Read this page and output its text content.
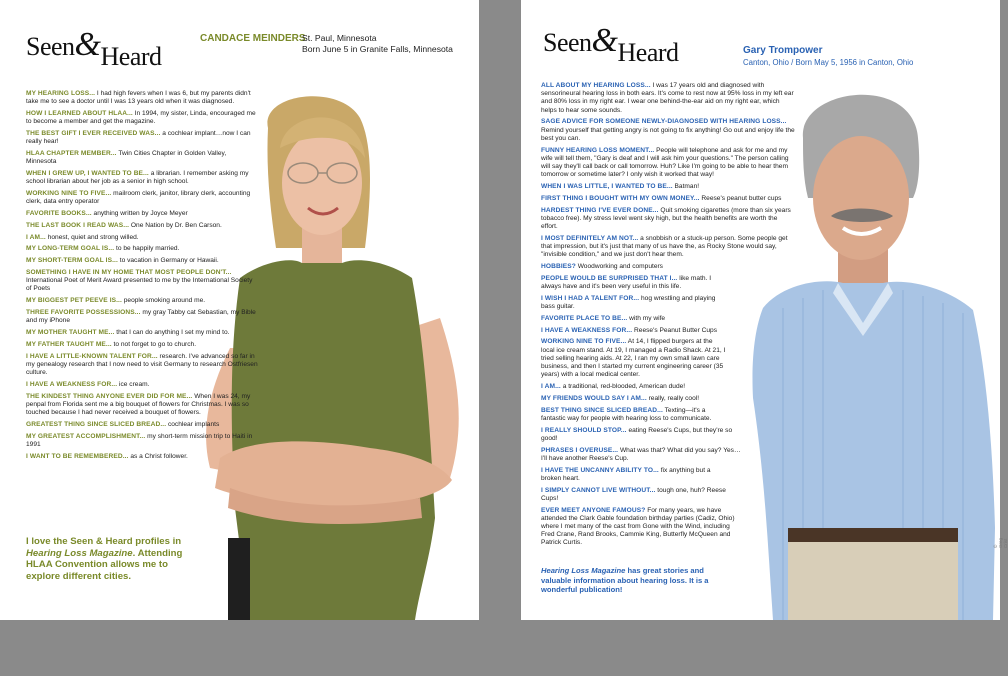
Seen&Heard
CANDACE MEINDERS
St. Paul, Minnesota
Born June 5 in Granite Falls, Minnesota
MY HEARING LOSS... I had high fevers when I was 6, but my parents didn't take me to see a doctor until I was 13 years old when it was diagnosed.
HOW I LEARNED ABOUT HLAA... In 1994, my sister, Linda, encouraged me to become a member and get the magazine.
THE BEST GIFT I EVER RECEIVED WAS... a cochlear implant…now I can really hear!
HLAA CHAPTER MEMBER... Twin Cities Chapter in Golden Valley, Minnesota
WHEN I GREW UP, I WANTED TO BE... a librarian. I remember asking my school librarian about her job as a senior in high school.
WORKING NINE TO FIVE... mailroom clerk, janitor, library clerk, accounting clerk, data entry operator
FAVORITE BOOKS... anything written by Joyce Meyer
THE LAST BOOK I READ WAS... One Nation by Dr. Ben Carson.
I AM... honest, quiet and strong willed.
MY LONG-TERM GOAL IS... to be happily married.
MY SHORT-TERM GOAL IS... to vacation in Germany or Hawaii.
SOMETHING I HAVE IN MY HOME THAT MOST PEOPLE DON'T... International Poet of Merit Award presented to me by the International Society of Poets
MY BIGGEST PET PEEVE IS... people smoking around me.
THREE FAVORITE POSSESSIONS... my gray Tabby cat Sebastian, my Bible and my iPhone
MY MOTHER TAUGHT ME... that I can do anything I set my mind to.
MY FATHER TAUGHT ME... to not forget to go to church.
I HAVE A LITTLE-KNOWN TALENT FOR... research. I've advanced so far in my genealogy research that I now need to visit Germany to research Ostfriesen culture.
I HAVE A WEAKNESS FOR... ice cream.
THE KINDEST THING ANYONE EVER DID FOR ME... When I was 24, my penpal from Florida sent me a big bouquet of flowers for Christmas. I was so touched because I had never received a bouquet of flowers.
GREATEST THING SINCE SLICED BREAD... cochlear implants
MY GREATEST ACCOMPLISHMENT... my short-term mission trip to Haiti in 1991
I WANT TO BE REMEMBERED... as a Christ follower.
I love the Seen & Heard profiles in Hearing Loss Magazine. Attending HLAA Convention allows me to explore different cities.
Seen&Heard	Gary Trompower
Canton, Ohio / Born May 5, 1956 in Canton, Ohio
© Greg Crist
ALL ABOUT MY HEARING LOSS... I was 17 years old and diagnosed with sensorineural hearing loss in both ears. It's come to rest now at 95% loss in my left ear and 80% loss in my right ear. I wear one behind-the-ear aid on my right ear, which helps to hear some sounds.
SAGE ADVICE FOR SOMEONE NEWLY-DIAGNOSED WITH HEARING LOSS... Remind yourself that getting angry is not going to fix anything! Go out and enjoy life the best you can.
FUNNY HEARING LOSS MOMENT... People will telephone and ask for me and my wife will tell them, "Gary is deaf and I will ask him your questions." The person calling will say they'll call back or call tomorrow. Huh? Like I'm going to be able to hear them tomorrow or sometime later? I only wish it worked that way!
WHEN I WAS LITTLE, I WANTED TO BE... Batman!
FIRST THING I BOUGHT WITH MY OWN MONEY... Reese's peanut butter cups
HARDEST THING I'VE EVER DONE... Quit smoking cigarettes (more than six years tobacco free). My stress level went sky high, but the health benefits are worth the effort.
I MOST DEFINITELY AM NOT... a snobbish or a stuck-up person. Some people get that impression, but it's just that many of us have the, as Rocky Stone would say, "invisible condition," and we just don't hear them.
HOBBIES? Woodworking and computers
PEOPLE WOULD BE SURPRISED THAT I... like math. I always have and it's been very useful in this life.
I WISH I HAD A TALENT FOR... hog wrestling and playing bass guitar.
FAVORITE PLACE TO BE... with my wife
I HAVE A WEAKNESS FOR... Reese's Peanut Butter Cups
WORKING NINE TO FIVE... At 14, I flipped burgers at the local ice cream stand. At 19, I managed a Radio Shack. At 21, I tried selling hearing aids. At 22, I ran my own small lawn care business, and then I started my current engineering career (35 years) with a local medical center.
I AM... a traditional, red-blooded, American dude!
MY FRIENDS WOULD SAY I AM... really, really cool!
BEST THING SINCE SLICED BREAD... Texting—it's a fantastic way for people with hearing loss to communicate.
I REALLY SHOULD STOP... eating Reese's Cups, but they're so good!
PHRASES I OVERUSE... What was that? What did you say? Yes…I'll have another Reese's Cup.
I HAVE THE UNCANNY ABILITY TO... fix anything but a broken heart.
I SIMPLY CANNOT LIVE WITHOUT... tough one, huh? Reese Cups!
EVER MEET ANYONE FAMOUS? For many years, we have attended the Clark Gable foundation birthday parties (Cadiz, Ohio) where I met many of the cast from Gone with the Wind, including Fred Crane, Rand Brooks, Cammie King, Butterfly McQueen and Patrick Curtis.
Hearing Loss Magazine has great stories and valuable information about hearing loss. It is a wonderful publication!
